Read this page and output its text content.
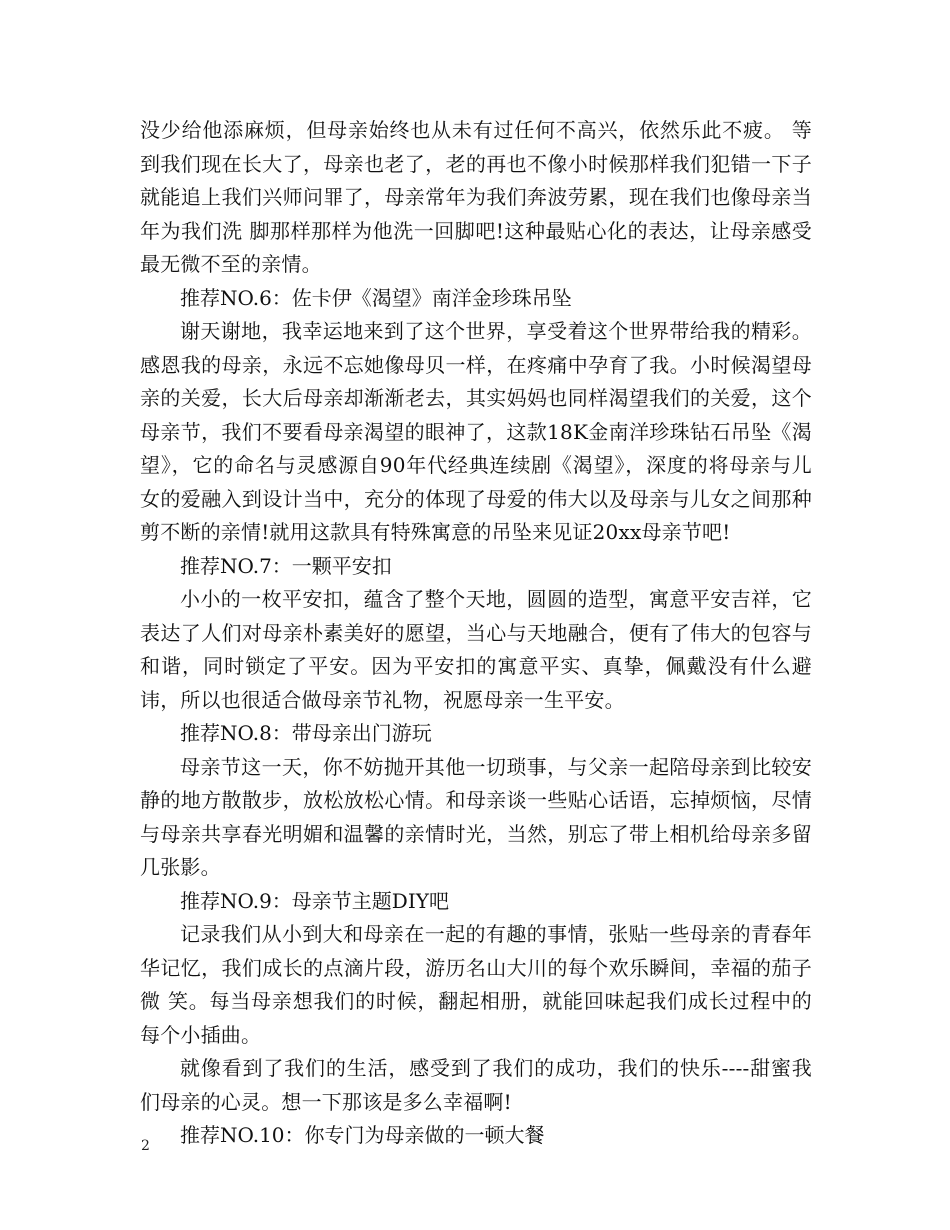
没少给他添麻烦，但母亲始终也从未有过任何不高兴，依然乐此不疲。 等到我们现在长大了，母亲也老了，老的再也不像小时候那样我们犯错一下子就能追上我们兴师问罪了，母亲常年为我们奔波劳累，现在我们也像母亲当年为我们洗 脚那样那样为他洗一回脚吧!这种最贴心化的表达，让母亲感受最无微不至的亲情。

推荐NO.6：佐卡伊《渴望》南洋金珍珠吊坠

谢天谢地，我幸运地来到了这个世界，享受着这个世界带给我的精彩。感恩我的母亲，永远不忘她像母贝一样，在疼痛中孕育了我。小时候渴望母亲的关爱，长大后母亲却渐渐老去，其实妈妈也同样渴望我们的关爱，这个母亲节，我们不要看母亲渴望的眼神了，这款18K金南洋珍珠钻石吊坠《渴望》，它的命名与灵感源自90年代经典连续剧《渴望》，深度的将母亲与儿女的爱融入到设计当中，充分的体现了母爱的伟大以及母亲与儿女之间那种剪不断的亲情!就用这款具有特殊寓意的吊坠来见证20xx母亲节吧!

推荐NO.7：一颗平安扣

小小的一枚平安扣，蕴含了整个天地，圆圆的造型，寓意平安吉祥，它表达了人们对母亲朴素美好的愿望，当心与天地融合，便有了伟大的包容与和谐，同时锁定了平安。因为平安扣的寓意平实、真挚，佩戴没有什么避讳，所以也很适合做母亲节礼物，祝愿母亲一生平安。

推荐NO.8：带母亲出门游玩

母亲节这一天，你不妨抛开其他一切琐事，与父亲一起陪母亲到比较安静的地方散散步，放松放松心情。和母亲谈一些贴心话语，忘掉烦恼，尽情与母亲共享春光明媚和温馨的亲情时光，当然，别忘了带上相机给母亲多留几张影。

推荐NO.9：母亲节主题DIY吧

记录我们从小到大和母亲在一起的有趣的事情，张贴一些母亲的青春年华记忆，我们成长的点滴片段，游历名山大川的每个欢乐瞬间，幸福的茄子微 笑。每当母亲想我们的时候，翻起相册，就能回味起我们成长过程中的每个小插曲。

就像看到了我们的生活，感受到了我们的成功，我们的快乐----甜蜜我们母亲的心灵。想一下那该是多么幸福啊!

推荐NO.10：你专门为母亲做的一顿大餐

2
